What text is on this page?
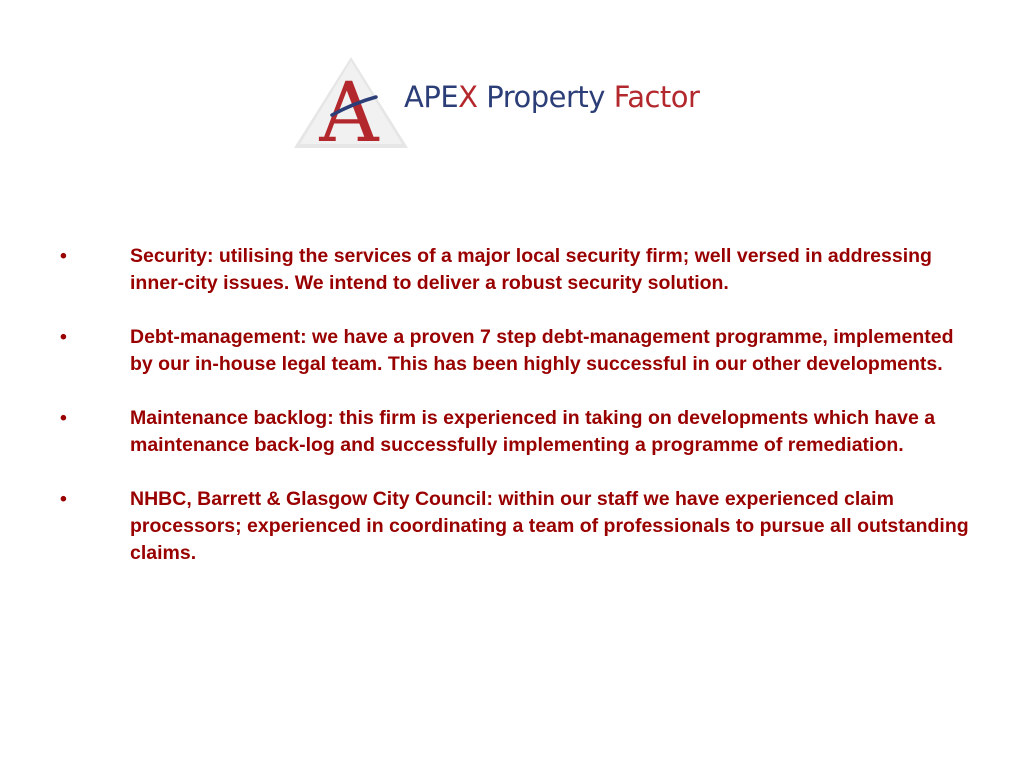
A APEX Property Factor
•	Security: utilising the services of a major local security firm; well versed in addressing inner-city issues. We intend to deliver a robust security solution.
•	Debt-management: we have a proven 7 step debt-management programme, implemented by our in-house legal team. This has been highly successful in our other developments.
•	Maintenance backlog: this firm is experienced in taking on developments which have a maintenance back-log and successfully implementing a programme of remediation.
•	NHBC, Barrett & Glasgow City Council: within our staff we have experienced claim processors; experienced in coordinating a team of professionals to pursue all outstanding claims.
